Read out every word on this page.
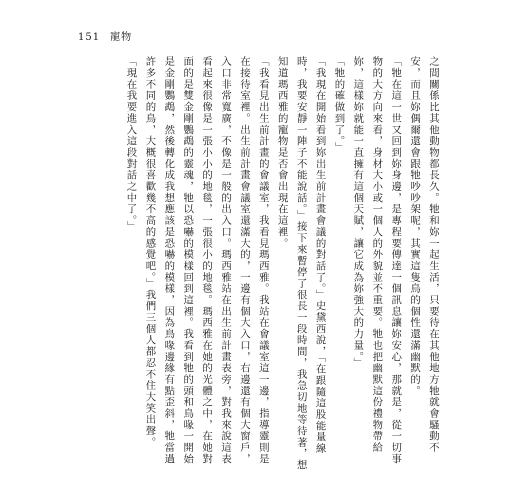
151 寵物

之間關係比其他動物都長久。牠和妳一起生活，只要待在其他地方牠就會騷動不安，而且妳偶爾還會跟牠吵吵架呢，其實這隻鳥的個性還滿幽默的。

「牠在這一世又回到妳身邊，是專程要傳達一個訊息讓妳安心，那就是，從一切事物的大方向來看，身材大小或一個人的外貌並不重要。牠也把幽默這份禮物帶給妳，這樣妳就能一直擁有這個天賦，讓它成為妳強大的力量。」

「牠的確做到了。」

「我現在開始看到妳出生前計畫會議的對話了。」史黛西說，「在跟隨這股能量線時，我要安靜一陣子不能說話。」接下來暫停了很長一段時間，我急切地等待著，想知道瑪西雅的寵物是否會出現在這裡。

「我看見出生前計畫的會議室，我看見瑪西雅。我站在會議室這一邊，指導靈則是在接待室裡。出生前計畫會議室還滿大的，一邊有個大入口，右邊還有個大窗戶，入口非常寬廣，不像是一般的出入口。瑪西雅站在出生前計畫表旁，對我來說這表看起來很像是一張小小的地毯，一張很小的地毯。瑪西雅在她的光體之中，在她對面的是雙金剛鸚鵡的靈魂，牠以恐嚇的模樣回到這裡。我看到牠的頭和鳥喙一開始是金剛鸚鵡，然後轉化成我想應該是恐嚇的模樣，因為鳥喙邊緣有點歪斜，牠當過許多不同的鳥，大概很喜歡幾不高的感覺吧。」我們三個人都忍不住大笑出聲。

「現在我要進入這段對話之中了。」
